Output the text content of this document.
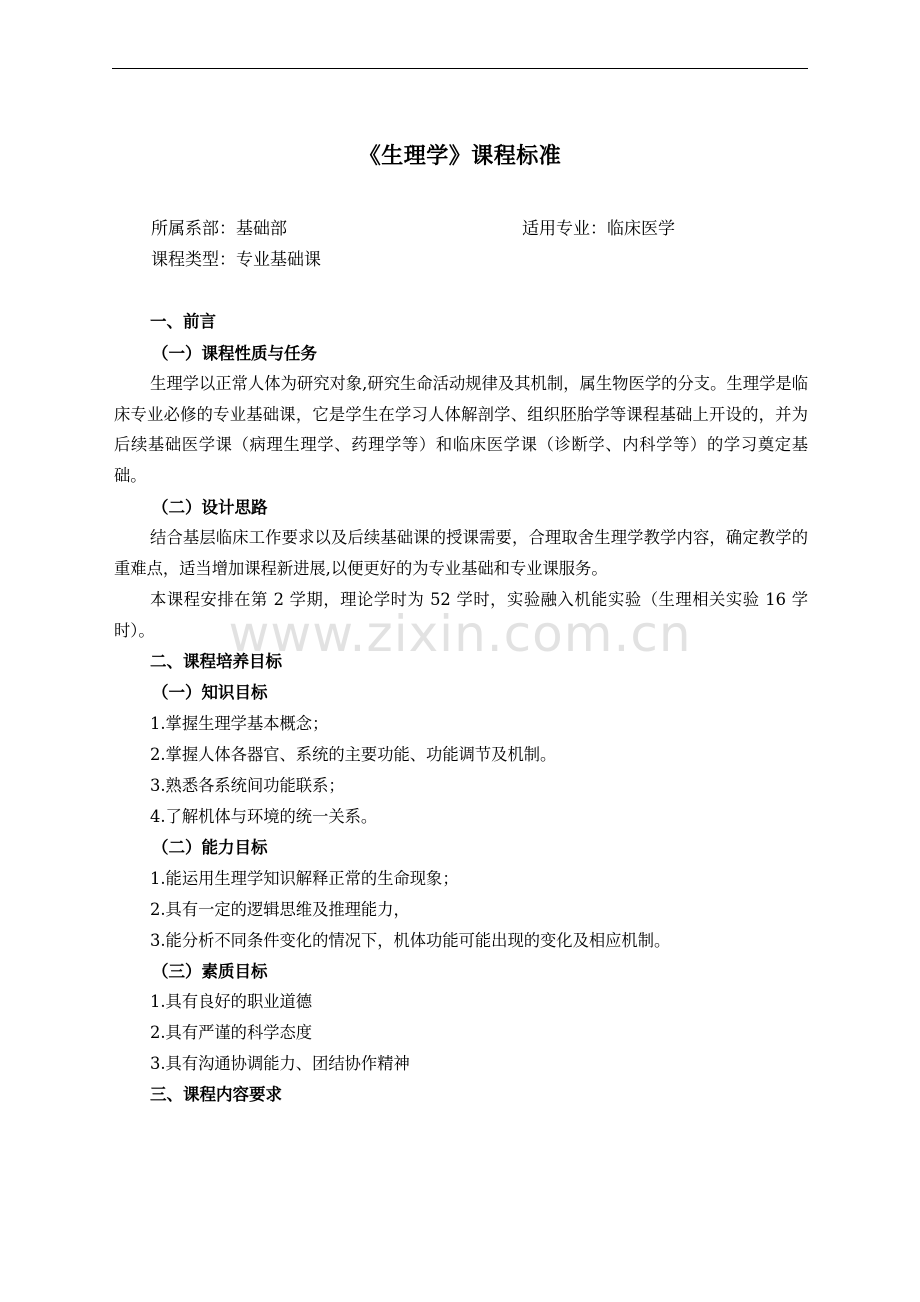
《生理学》课程标准
所属系部：基础部	适用专业：临床医学
课程类型：专业基础课
一、前言
（一）课程性质与任务

生理学以正常人体为研究对象,研究生命活动规律及其机制，属生物医学的分支。生理学是临床专业必修的专业基础课，它是学生在学习人体解剖学、组织胚胎学等课程基础上开设的，并为后续基础医学课（病理生理学、药理学等）和临床医学课（诊断学、内科学等）的学习奠定基础。

（二）设计思路

结合基层临床工作要求以及后续基础课的授课需要，合理取舍生理学教学内容，确定教学的重难点，适当增加课程新进展,以便更好的为专业基础和专业课服务。

本课程安排在第 2 学期，理论学时为 52 学时，实验融入机能实验（生理相关实验 16 学时）。	www.zixin.com.cn
二、课程培养目标
（一）知识目标
1.掌握生理学基本概念；
2.掌握人体各器官、系统的主要功能、功能调节及机制。
3.熟悉各系统间功能联系；
4.了解机体与环境的统一关系。
（二）能力目标
1.能运用生理学知识解释正常的生命现象；
2.具有一定的逻辑思维及推理能力，
3.能分析不同条件变化的情况下，机体功能可能出现的变化及相应机制。
（三）素质目标
1.具有良好的职业道德
2.具有严谨的科学态度
3.具有沟通协调能力、团结协作精神
三、课程内容要求
